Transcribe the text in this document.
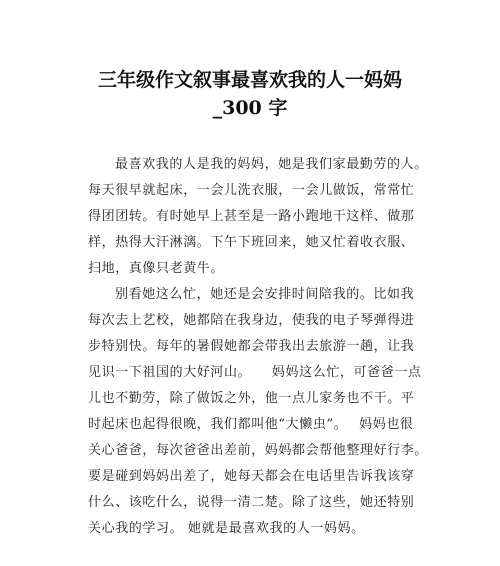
三年级作文叙事最喜欢我的人一妈妈
_300 字

最喜欢我的人是我的妈妈，她是我们家最勤劳的人。
每天很早就起床，一会儿洗衣服，一会儿做饭，常常忙
得团团转。有时她早上甚至是一路小跑地干这样、做那
样，热得大汗淋漓。下午下班回来，她又忙着收衣服、
扫地，真像只老黄牛。

别看她这么忙，她还是会安排时间陪我的。比如我
每次去上艺校，她都陪在我身边，使我的电子琴弹得进
步特别快。每年的暑假她都会带我出去旅游一趟，让我
见识一下祖国的大好河山。　　妈妈这么忙，可爸爸一点
儿也不勤劳，除了做饭之外，他一点儿家务也不干。平
时起床也起得很晚，我们都叫他“大懒虫”。　 妈妈也很
关心爸爸，每次爸爸出差前，妈妈都会帮他整理好行李。
要是碰到妈妈出差了，她每天都会在电话里告诉我该穿
什么、该吃什么，说得一清二楚。除了这些，她还特别
关心我的学习。 她就是最喜欢我的人一妈妈。
